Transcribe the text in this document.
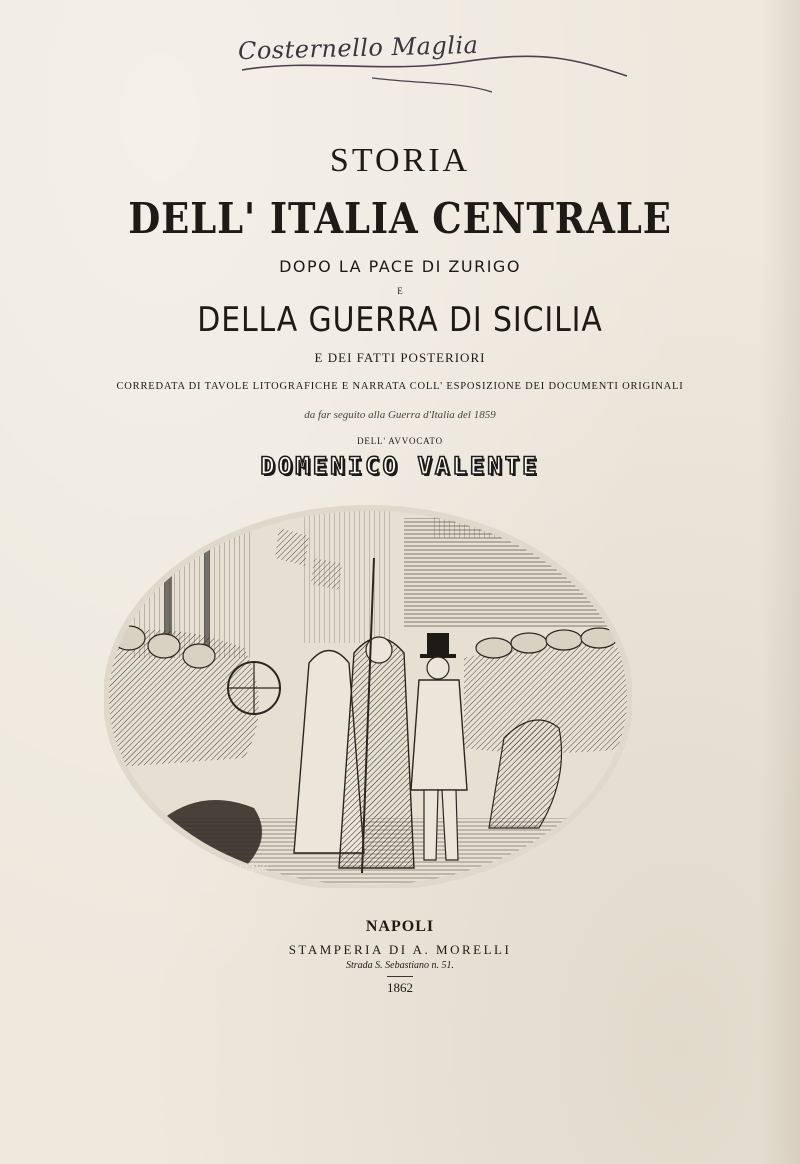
Costernello Maglia
STORIA
DELL' ITALIA CENTRALE
DOPO LA PACE DI ZURIGO
E
DELLA GUERRA DI SICILIA
E DEI FATTI POSTERIORI
CORREDATA DI TAVOLE LITOGRAFICHE E NARRATA COLL' ESPOSIZIONE DEI DOCUMENTI ORIGINALI
da far seguito alla Guerra d'Italia del 1859
DELL' AVVOCATO
DOMENICO VALENTE
M. ADINOLFI-INC.
NAPOLI
STAMPERIA DI A. MORELLI
Strada S. Sebastiano n. 51.
1862
